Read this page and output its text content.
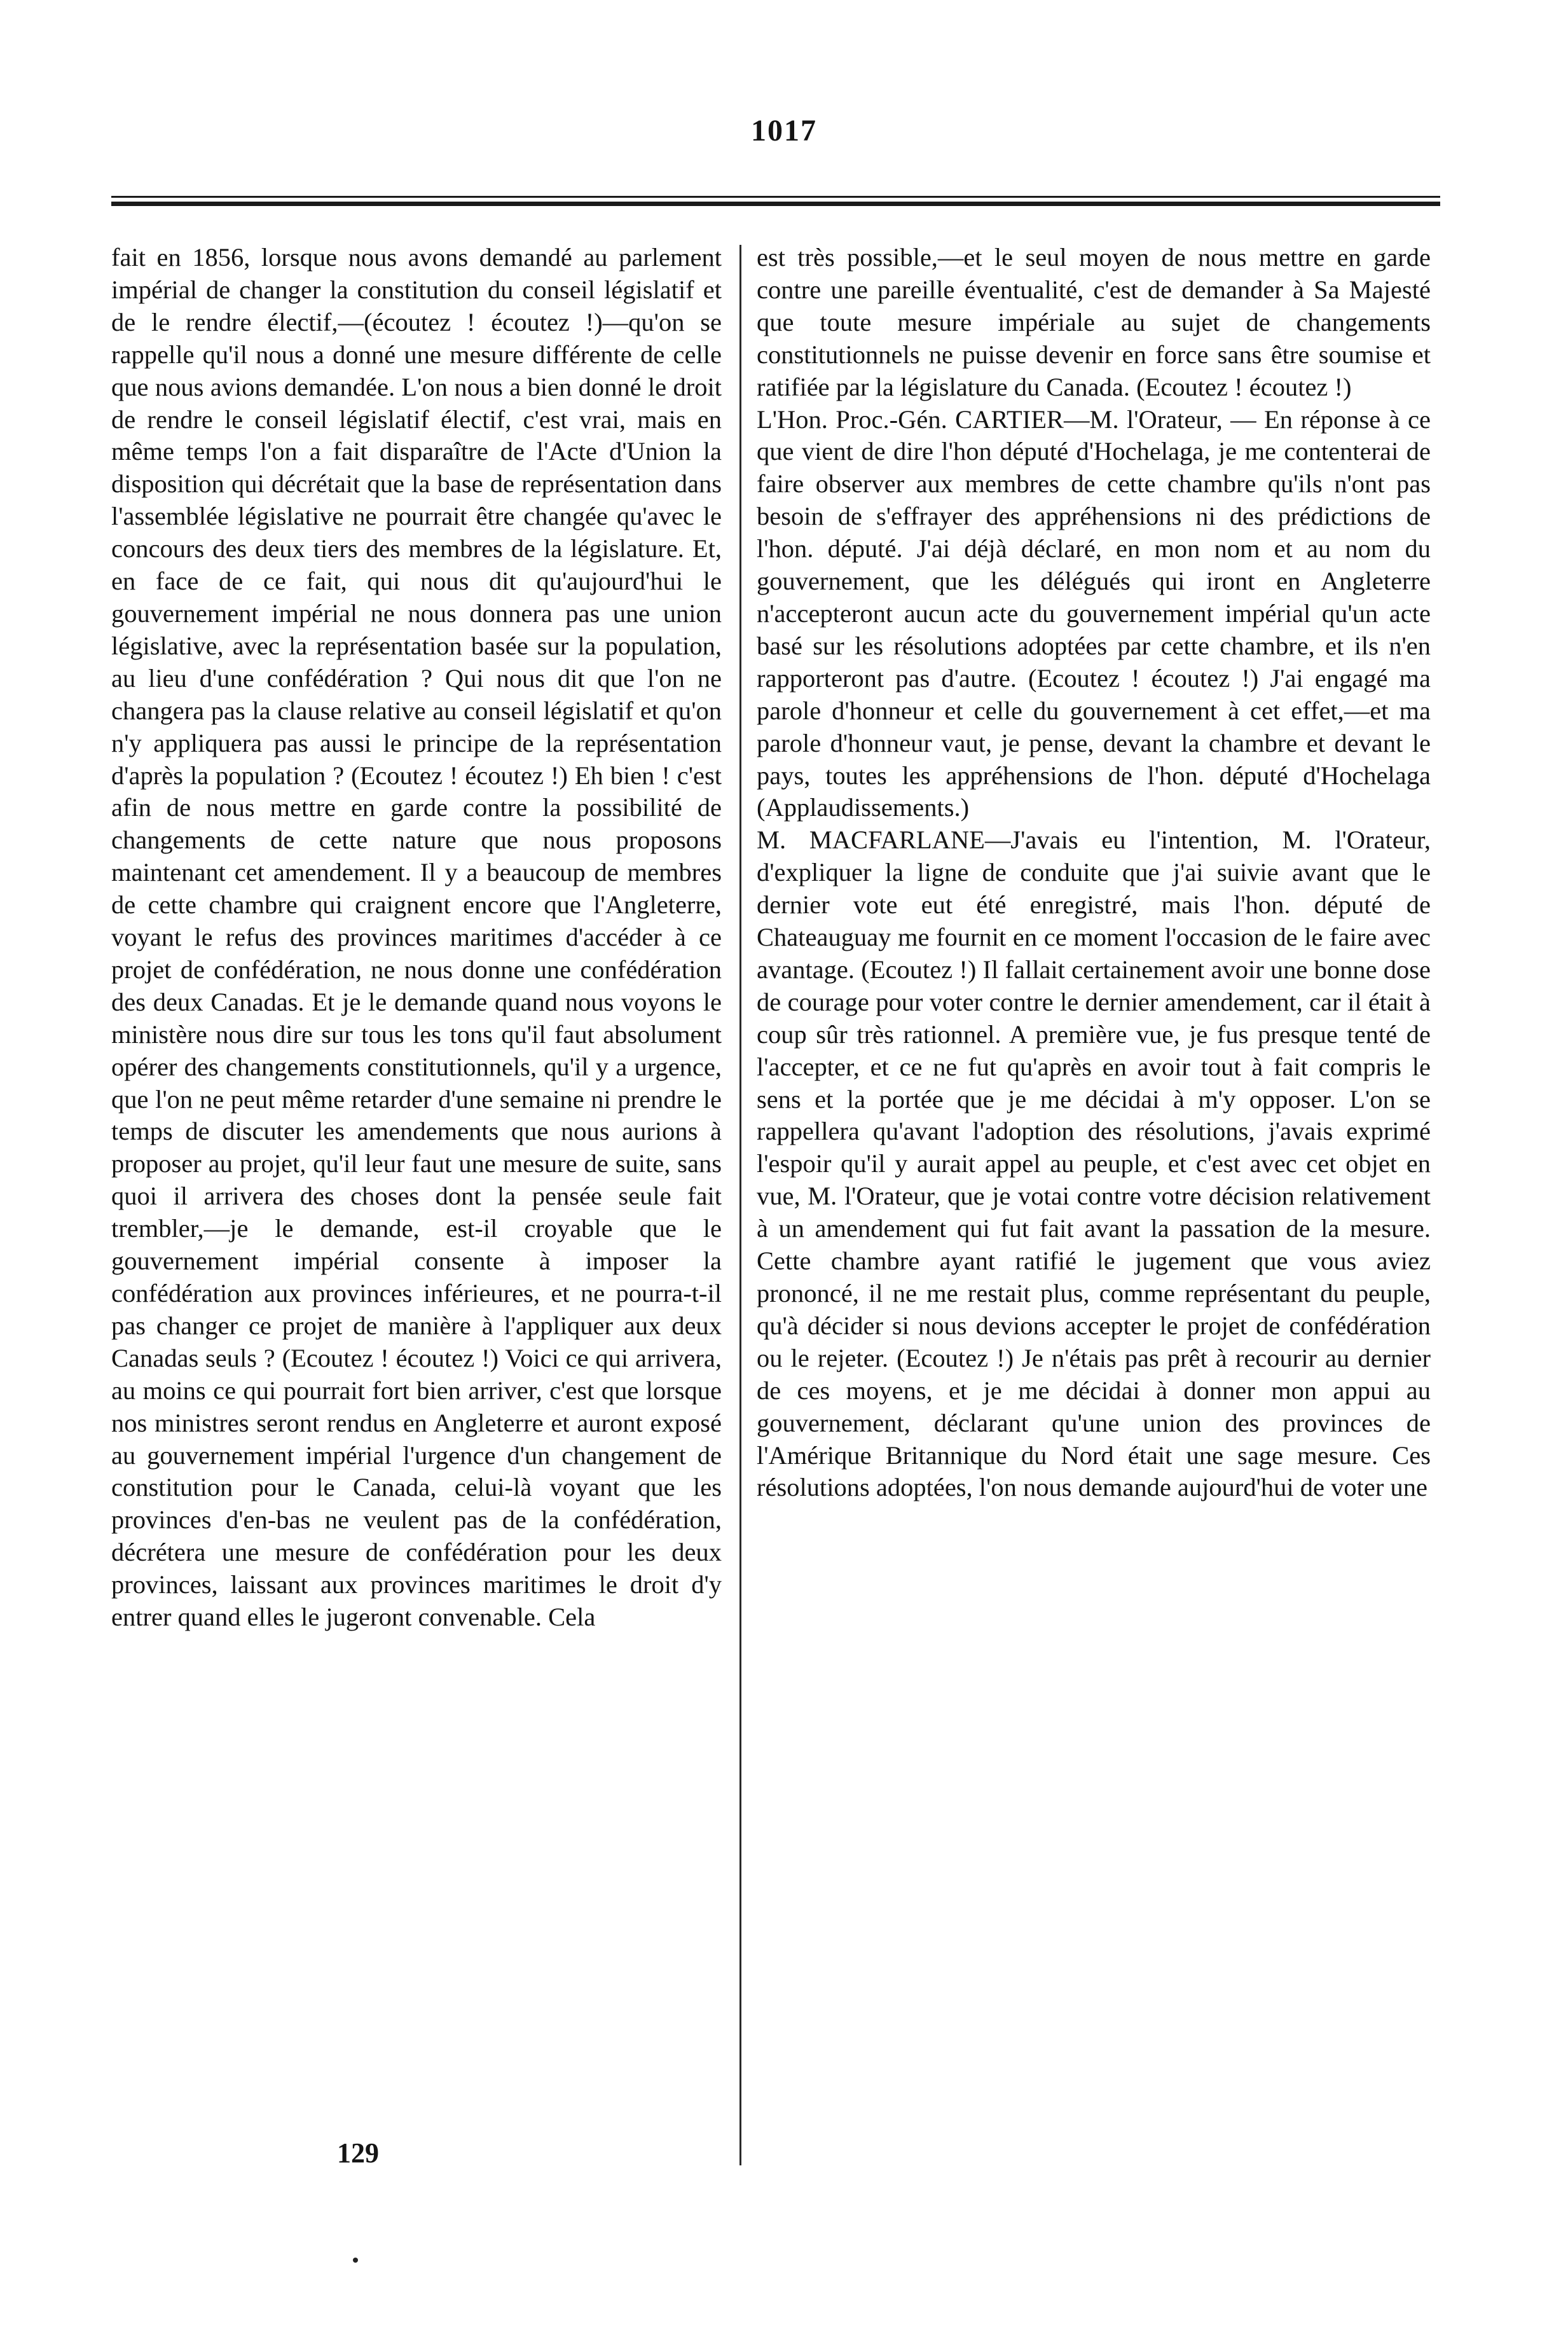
1017

fait en 1856, lorsque nous avons demandé au parlement impérial de changer la constitution du conseil législatif et de le rendre électif,—(écoutez ! écoutez !)—qu'on se rappelle qu'il nous a donné une mesure différente de celle que nous avions demandée. L'on nous a bien donné le droit de rendre le conseil législatif électif, c'est vrai, mais en même temps l'on a fait disparaître de l'Acte d'Union la disposition qui décrétait que la base de représentation dans l'assemblée législative ne pourrait être changée qu'avec le concours des deux tiers des membres de la législature. Et, en face de ce fait, qui nous dit qu'aujourd'hui le gouvernement impérial ne nous donnera pas une union législative, avec la représentation basée sur la population, au lieu d'une confédération ? Qui nous dit que l'on ne changera pas la clause relative au conseil législatif et qu'on n'y appliquera pas aussi le principe de la représentation d'après la population ? (Ecoutez ! écoutez !) Eh bien ! c'est afin de nous mettre en garde contre la possibilité de changements de cette nature que nous proposons maintenant cet amendement. Il y a beaucoup de membres de cette chambre qui craignent encore que l'Angleterre, voyant le refus des provinces maritimes d'accéder à ce projet de confédération, ne nous donne une confédération des deux Canadas. Et je le demande quand nous voyons le ministère nous dire sur tous les tons qu'il faut absolument opérer des changements constitutionnels, qu'il y a urgence, que l'on ne peut même retarder d'une semaine ni prendre le temps de discuter les amendements que nous aurions à proposer au projet, qu'il leur faut une mesure de suite, sans quoi il arrivera des choses dont la pensée seule fait trembler,—je le demande, est-il croyable que le gouvernement impérial consente à imposer la confédération aux provinces inférieures, et ne pourra-t-il pas changer ce projet de manière à l'appliquer aux deux Canadas seuls ? (Ecoutez ! écoutez !) Voici ce qui arrivera, au moins ce qui pourrait fort bien arriver, c'est que lorsque nos ministres seront rendus en Angleterre et auront exposé au gouvernement impérial l'urgence d'un changement de constitution pour le Canada, celui-là voyant que les provinces d'en-bas ne veulent pas de la confédération, décrétera une mesure de confédération pour les deux provinces, laissant aux provinces maritimes le droit d'y entrer quand elles le jugeront convenable. Cela

est très possible,—et le seul moyen de nous mettre en garde contre une pareille éventualité, c'est de demander à Sa Majesté que toute mesure impériale au sujet de changements constitutionnels ne puisse devenir en force sans être soumise et ratifiée par la législature du Canada. (Ecoutez ! écoutez !)

L'Hon. Proc.-Gén. CARTIER—M. l'Orateur, — En réponse à ce que vient de dire l'hon député d'Hochelaga, je me contenterai de faire observer aux membres de cette chambre qu'ils n'ont pas besoin de s'effrayer des appréhensions ni des prédictions de l'hon. député. J'ai déjà déclaré, en mon nom et au nom du gouvernement, que les délégués qui iront en Angleterre n'accepteront aucun acte du gouvernement impérial qu'un acte basé sur les résolutions adoptées par cette chambre, et ils n'en rapporteront pas d'autre. (Ecoutez ! écoutez !) J'ai engagé ma parole d'honneur et celle du gouvernement à cet effet,—et ma parole d'honneur vaut, je pense, devant la chambre et devant le pays, toutes les appréhensions de l'hon. député d'Hochelaga (Applaudissements.)

M. MACFARLANE—J'avais eu l'intention, M. l'Orateur, d'expliquer la ligne de conduite que j'ai suivie avant que le dernier vote eut été enregistré, mais l'hon. député de Chateauguay me fournit en ce moment l'occasion de le faire avec avantage. (Ecoutez !) Il fallait certainement avoir une bonne dose de courage pour voter contre le dernier amendement, car il était à coup sûr très rationnel. A première vue, je fus presque tenté de l'accepter, et ce ne fut qu'après en avoir tout à fait compris le sens et la portée que je me décidai à m'y opposer. L'on se rappellera qu'avant l'adoption des résolutions, j'avais exprimé l'espoir qu'il y aurait appel au peuple, et c'est avec cet objet en vue, M. l'Orateur, que je votai contre votre décision relativement à un amendement qui fut fait avant la passation de la mesure. Cette chambre ayant ratifié le jugement que vous aviez prononcé, il ne me restait plus, comme représentant du peuple, qu'à décider si nous devions accepter le projet de confédération ou le rejeter. (Ecoutez !) Je n'étais pas prêt à recourir au dernier de ces moyens, et je me décidai à donner mon appui au gouvernement, déclarant qu'une union des provinces de l'Amérique Britannique du Nord était une sage mesure. Ces résolutions adoptées, l'on nous demande aujourd'hui de voter une

129
